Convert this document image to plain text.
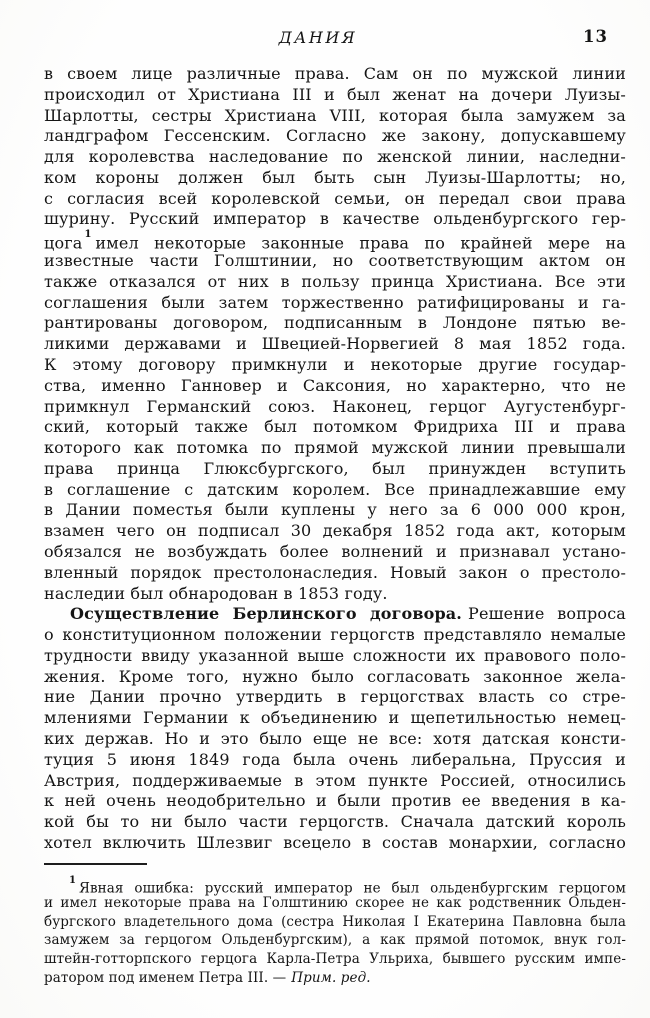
ДАНИЯ	13
в своем лице различные права. Сам он по мужской линии
происходил от Христиана III и был женат на дочери Луизы-
Шарлотты, сестры Христиана VIII, которая была замужем за
ландграфом Гессенским. Согласно же закону, допускавшему
для королевства наследование по женской линии, наследни-
ком короны должен был быть сын Луизы-Шарлотты; но,
с согласия всей королевской семьи, он передал свои права
шурину. Русский император в качестве ольденбургского гер-
цога $^1$ имел некоторые законные права по крайней мере на
известные части Голштинии, но соответствующим актом он
также отказался от них в пользу принца Христиана. Все эти
соглашения были затем торжественно ратифицированы и га-
рантированы договором, подписанным в Лондоне пятью ве-
ликими державами и Швецией-Норвегией 8 мая 1852 года.
К этому договору примкнули и некоторые другие государ-
ства, именно Ганновер и Саксония, но характерно, что не
примкнул Германский союз. Наконец, герцог Аугустенбург-
ский, который также был потомком Фридриха III и права
которого как потомка по прямой мужской линии превышали
права принца Глюксбургского, был принужден вступить
в соглашение с датским королем. Все принадлежавшие ему
в Дании поместья были куплены у него за 6 000 000 крон,
взамен чего он подписал 30 декабря 1852 года акт, которым
обязался не возбуждать более волнений и признавал устано-
вленный порядок престолонаследия. Новый закон о престоло-
наследии был обнародован в 1853 году.
Осуществление Берлинского договора. Решение вопроса
о конституционном положении герцогств представляло немалые
трудности ввиду указанной выше сложности их правового поло-
жения. Кроме того, нужно было согласовать законное жела-
ние Дании прочно утвердить в герцогствах власть со стре-
млениями Германии к объединению и щепетильностью немец-
ких держав. Но и это было еще не все: хотя датская консти-
туция 5 июня 1849 года была очень либеральна, Пруссия и
Австрия, поддерживаемые в этом пункте Россией, относились
к ней очень неодобрительно и были против ее введения в ка-
кой бы то ни было части герцогств. Сначала датский король
хотел включить Шлезвиг всецело в состав монархии, согласно
$^1$ Явная ошибка: русский император не был ольденбургским герцогом
и имел некоторые права на Голштинию скорее не как родственник Ольден-
бургского владетельного дома (сестра Николая I Екатерина Павловна была
замужем за герцогом Ольденбургским), а как прямой потомок, внук гол-
штейн-готторпского герцога Карла-Петра Ульриха, бывшего русским импе-
ратором под именем Петра III. — Прим. ред.
